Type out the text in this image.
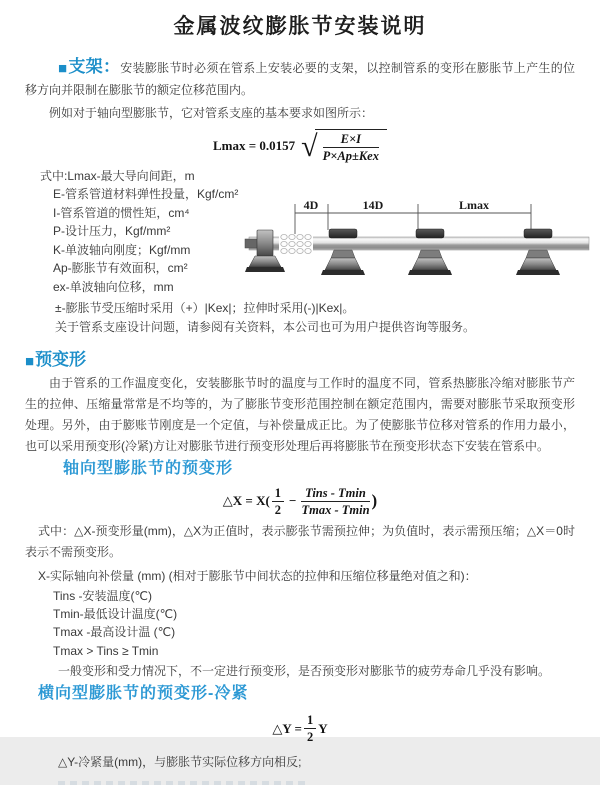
金属波纹膨胀节安装说明

■支架：安装膨胀节时必须在管系上安装必要的支架，以控制管系的变形在膨胀节上产生的位移方向并限制在膨胀节的额定位移范围内。

例如对于轴向型膨胀节，它对管系支座的基本要求如图所示：

Lmax = 0.0157 √ $\frac{E\times I}{\text{P×Ap±Kex}}$
式中:Lmax-最大导向间距，m
E-管系管道材料弹性投量，Kgf/cm²
I-管系管道的惯性矩，cm⁴
P-设计压力，Kgf/mm²
K-单波轴向刚度；Kgf/mm
Ap-膨胀节有效面积，cm²
ex-单波轴向位移，mm
4D	14D	Lmax

±-膨胀节受压缩时采用（+）|Kex|；拉伸时采用(-)|Kex|。

关于管系支座设计问题，请参阅有关资料，本公司也可为用户提供咨询等服务。

■预变形

由于管系的工作温度变化，安装膨胀节时的温度与工作时的温度不同，管系热膨胀冷缩对膨胀节产生的拉伸、压缩量常常是不均等的，为了膨胀节变形范围控制在额定范围内，需要对膨胀节采取预变形处理。另外，由于膨账节刚度是一个定值，与补偿量成正比。为了使膨胀节位移对管系的作用力最小，也可以采用预变形(冷紧)方让对膨胀节进行预变形处理后再将膨胀节在预变形状态下安装在管系中。

轴向型膨胀节的预变形
△X = $X( \frac{1}{2} - \frac{\text{Tins - Tmin}}{Tmax - Tmin}$ )

式中：△X-预变形量(mm)，△X为正值时，表示膨张节需预拉伸；为负值时，表示需预压缩；△X＝0时表示不需预变形。

X-实际轴向补偿量 (mm) (相对于膨胀节中间状态的拉伸和压缩位移量绝对值之和)：

Tins -安装温度(℃)
Tmin-最低设计温度(℃)
Tmax -最高设计温 (℃)
Tmax > Tins ≥ Tmin

一般变形和受力情况下，不一定进行预变形，是否预变形对膨胀节的疲劳寿命几乎没有影响。

横向型膨胀节的预变形-冷紧
△Y = $\frac{1}{2}$ Y

△Y-冷紧量(mm)，与膨胀节实际位移方向相反;
